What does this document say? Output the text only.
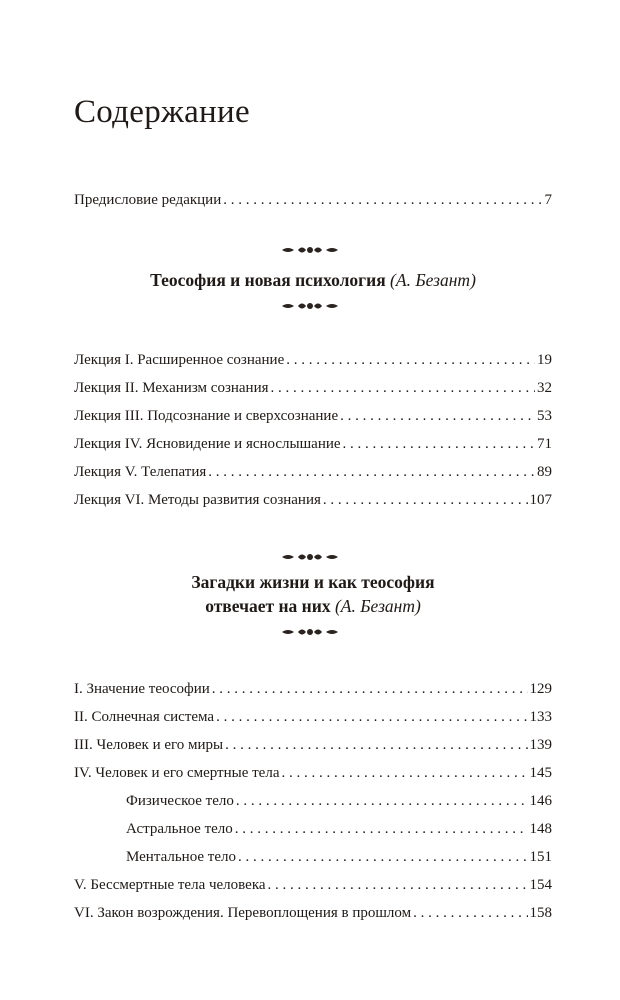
Содержание
Предисловие редакции . . .	7
Теософия и новая психология (А. Безант)
Лекция I. Расширенное сознание . . .	19
Лекция II. Механизм сознания . . .	32
Лекция III. Подсознание и сверхсознание . . .	53
Лекция IV. Ясновидение и яснослышание . . .	71
Лекция V. Телепатия . . .	89
Лекция VI. Методы развития сознания . . .	107
Загадки жизни и как теософия
отвечает на них (А. Безант)
I. Значение теософии . . .	129
II. Солнечная система . . .	133
III. Человек и его миры . . .	139
IV. Человек и его смертные тела . . .	145
Физическое тело . . .	146
Астральное тело . . .	148
Ментальное тело . . .	151
V. Бессмертные тела человека . . .	154
VI. Закон возрождения. Перевоплощения в прошлом . . .	158
